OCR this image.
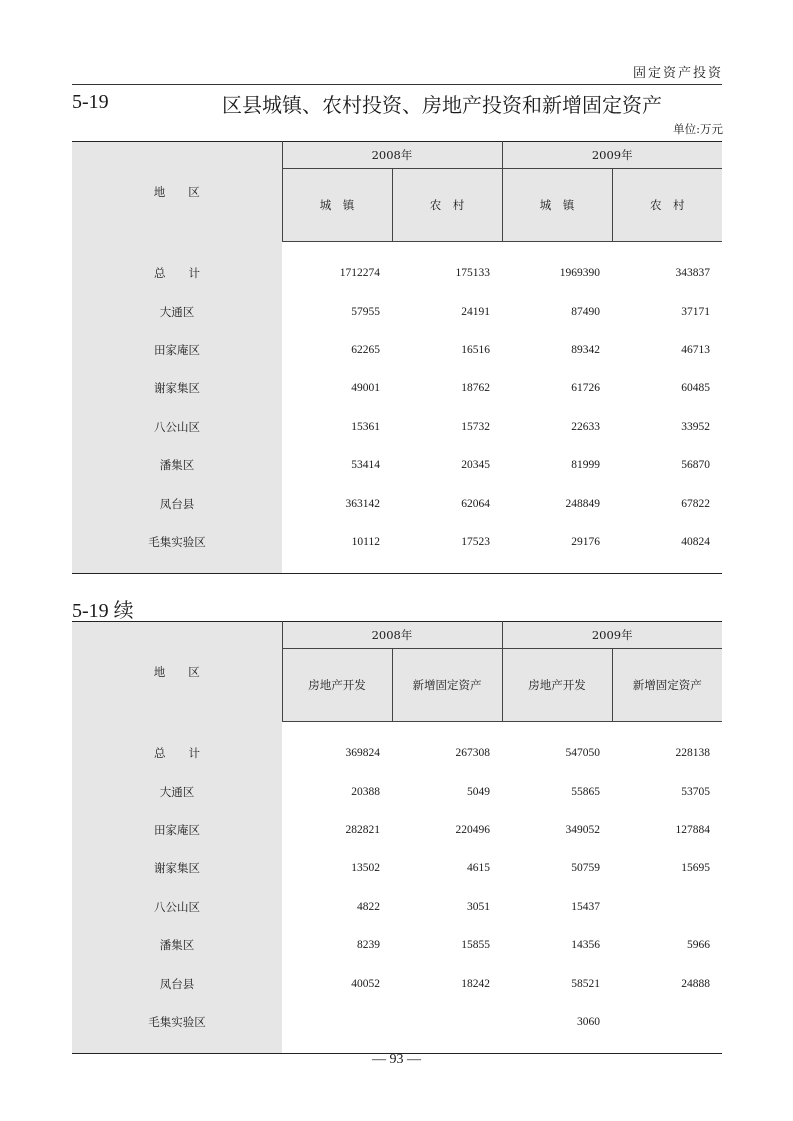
固定资产投资
5-19	区县城镇、农村投资、房地产投资和新增固定资产
单位:万元
地　　区	2008年		2009年	
	城　镇	农　村	城　镇	农　村

总　　计	1712274	175133	1969390	343837
大通区	57955	24191	87490	37171
田家庵区	62265	16516	89342	46713
谢家集区	49001	18762	61726	60485
八公山区	15361	15732	22633	33952
潘集区	53414	20345	81999	56870
凤台县	363142	62064	248849	67822
毛集实验区	10112	17523	29176	40824

5-19 续
地　　区	2008年		2009年	
	房地产开发	新增固定资产	房地产开发	新增固定资产

总　　计	369824	267308	547050	228138
大通区	20388	5049	55865	53705
田家庵区	282821	220496	349052	127884
谢家集区	13502	4615	50759	15695
八公山区	4822	3051	15437	
潘集区	8239	15855	14356	5966
凤台县	40052	18242	58521	24888
毛集实验区			3060	

— 93 —
